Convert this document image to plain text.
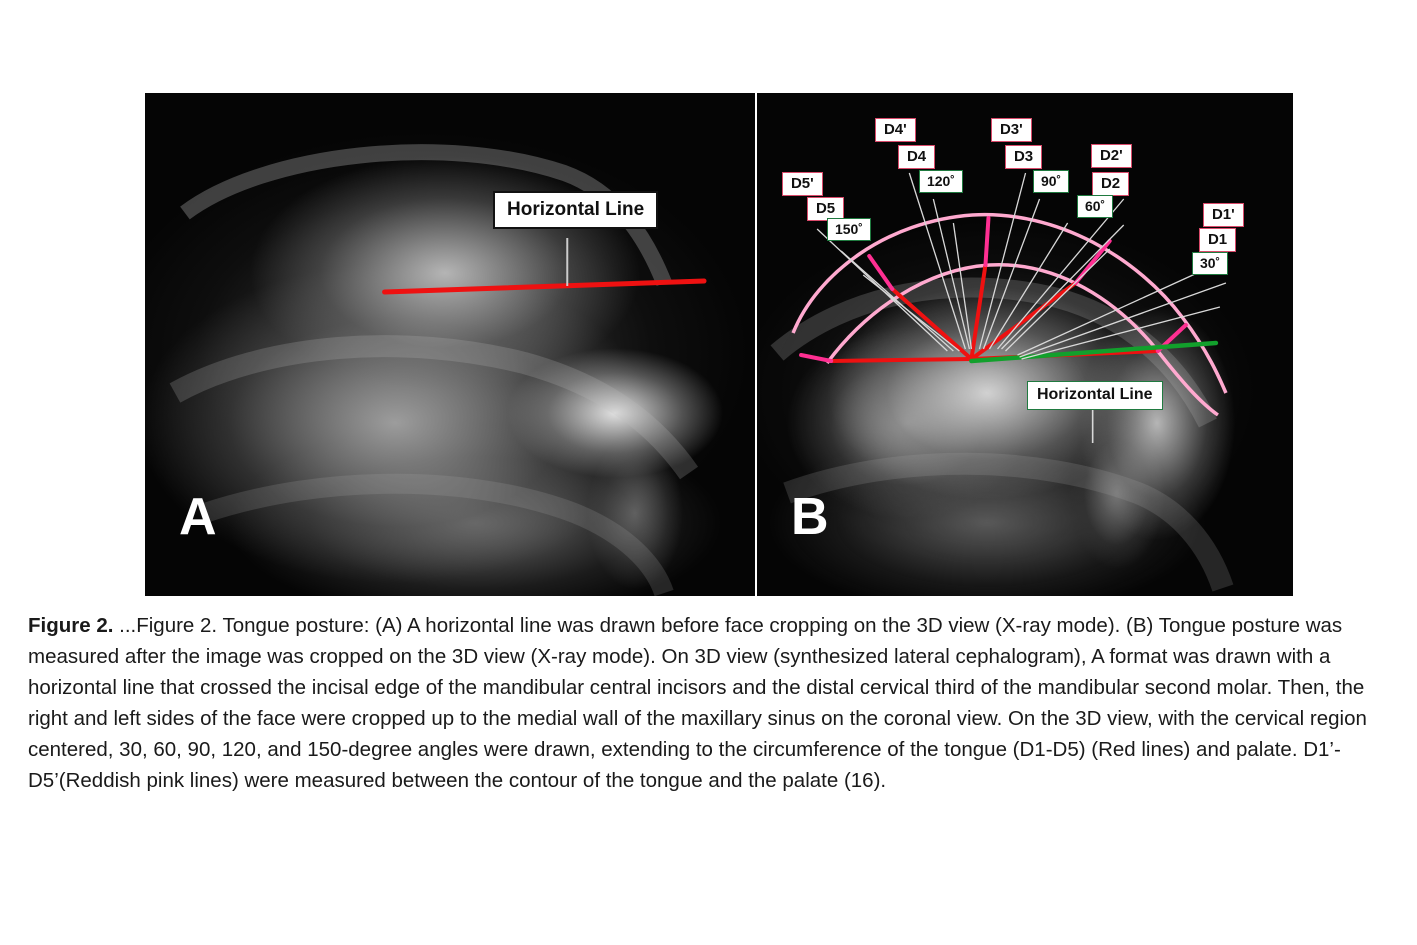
Horizontal Line
A
D5'
D5
150˚
D4'
D4
120˚
D3'
D3
90˚
D2'
D2
60˚	D1'
D1
30˚
Horizontal Line
B
Figure 2. ...Figure 2. Tongue posture: (A) A horizontal line was drawn before face cropping on the 3D view (X-ray mode). (B) Tongue posture was measured after the image was cropped on the 3D view (X-ray mode). On 3D view (synthesized lateral cephalogram), A format was drawn with a horizontal line that crossed the incisal edge of the mandibular central incisors and the distal cervical third of the mandibular second molar. Then, the right and left sides of the face were cropped up to the medial wall of the maxillary sinus on the coronal view. On the 3D view, with the cervical region centered, 30, 60, 90, 120, and 150-degree angles were drawn, extending to the circumference of the tongue (D1-D5) (Red lines) and palate. D1’-D5’(Reddish pink lines) were measured between the contour of the tongue and the palate (16).
